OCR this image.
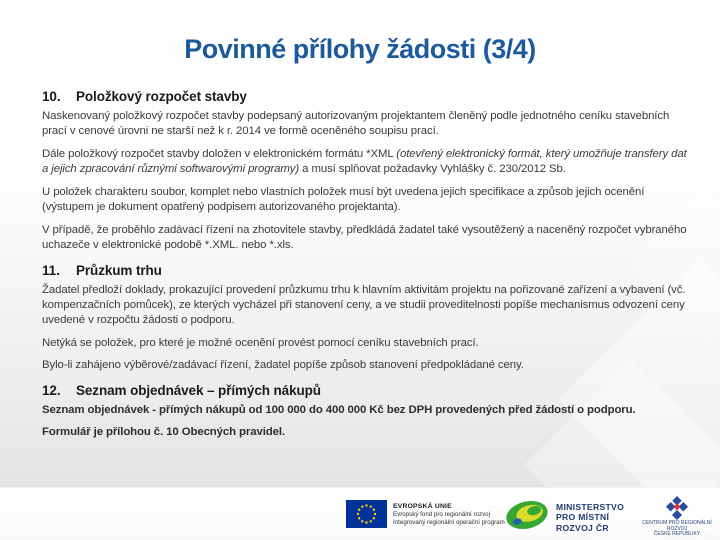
Povinné přílohy žádosti (3/4)
10.	Položkový rozpočet stavby

Naskenovaný položkový rozpočet stavby podepsaný autorizovaným projektantem členěný podle jednotného ceníku stavebních prací v cenové úrovni ne starší než k r. 2014 ve formě oceněného soupisu prací.

Dále položkový rozpočet stavby doložen v elektronickém formátu *XML (otevřený elektronický formát, který umožňuje transfery dat a jejich zpracování různými softwarovými programy) a musí splňovat požadavky Vyhlášky č. 230/2012 Sb.

U položek charakteru soubor, komplet nebo vlastních položek musí být uvedena jejich specifikace a způsob jejich ocenění (výstupem je dokument opatřený podpisem autorizovaného projektanta).

V případě, že proběhlo zadávací řízení na zhotovitele stavby, předkládá žadatel také vysoutěžený a naceněný rozpočet vybraného uchazeče v elektronické podobě *.XML. nebo *.xls.

11.	Průzkum trhu

Žadatel předloží doklady, prokazující provedení průzkumu trhu k hlavním aktivitám projektu na pořizované zařízení a vybavení (vč. kompenzačních pomůcek), ze kterých vycházel při stanovení ceny, a ve studii proveditelnosti popíše mechanismus odvození ceny uvedené v rozpočtu žádosti o podporu.

Netýká se položek, pro které je možné ocenění provést pomocí ceníku stavebních prací.

Bylo-li zahájeno výběrové/zadávací řízení, žadatel popíše způsob stanovení předpokládané ceny.

12.	Seznam objednávek – přímých nákupů

Seznam objednávek - přímých nákupů od 100 000 do 400 000 Kč bez DPH provedených před žádostí o podporu.

Formulář je přílohou č. 10 Obecných pravidel.

EVROPSKÁ UNIE
Evropský fond pro regionální rozvoj
Integrovaný regionální operační program
MINISTERSTVO
PRO MÍSTNÍ
ROZVOJ ČR	CENTRUM PRO REGIONÁLNÍ ROZVOJ
ČESKÉ REPUBLIKY
